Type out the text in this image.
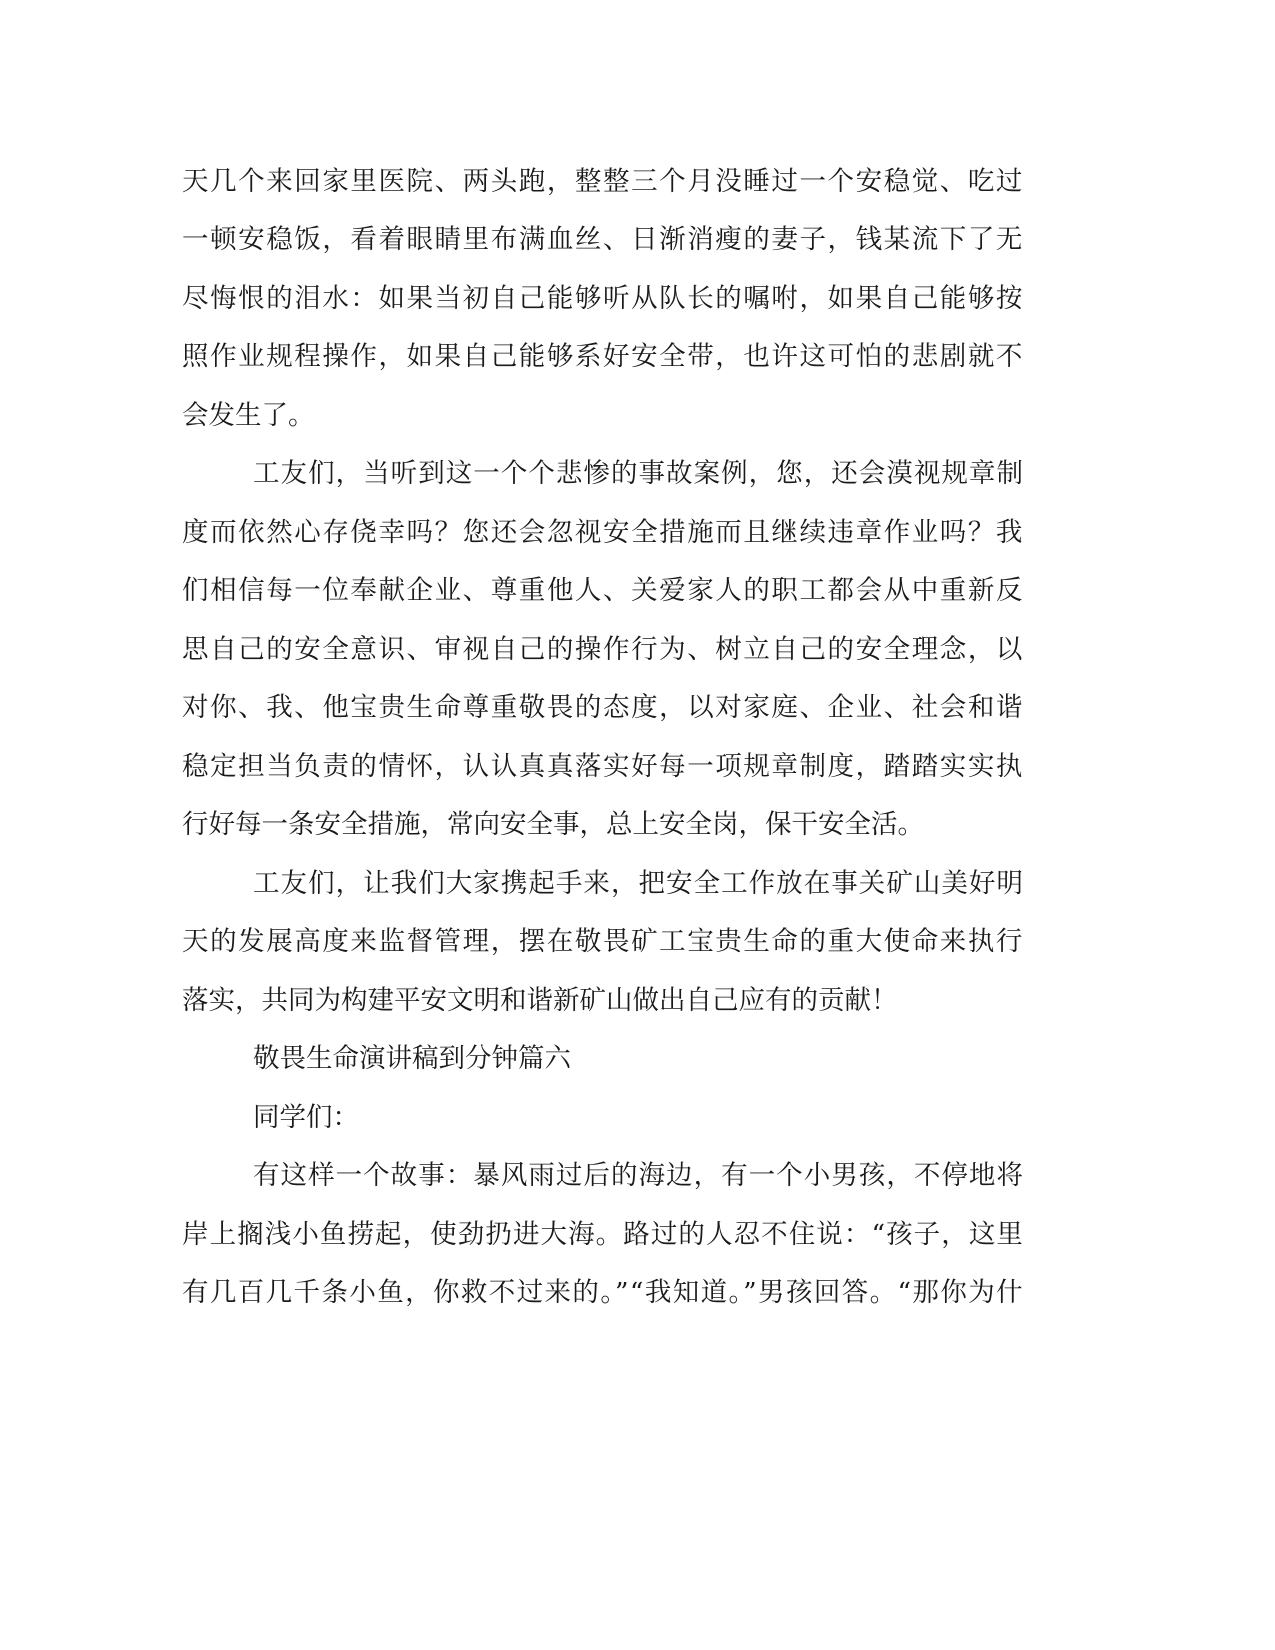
天几个来回家里医院、两头跑，整整三个月没睡过一个安稳觉、吃过

一顿安稳饭，看着眼睛里布满血丝、日渐消瘦的妻子，钱某流下了无

尽悔恨的泪水：如果当初自己能够听从队长的嘱咐，如果自己能够按

照作业规程操作，如果自己能够系好安全带，也许这可怕的悲剧就不

会发生了。

工友们，当听到这一个个悲惨的事故案例，您，还会漠视规章制

度而依然心存侥幸吗？您还会忽视安全措施而且继续违章作业吗？我

们相信每一位奉献企业、尊重他人、关爱家人的职工都会从中重新反

思自己的安全意识、审视自己的操作行为、树立自己的安全理念，以

对你、我、他宝贵生命尊重敬畏的态度，以对家庭、企业、社会和谐

稳定担当负责的情怀，认认真真落实好每一项规章制度，踏踏实实执

行好每一条安全措施，常向安全事，总上安全岗，保干安全活。

工友们，让我们大家携起手来，把安全工作放在事关矿山美好明

天的发展高度来监督管理，摆在敬畏矿工宝贵生命的重大使命来执行

落实，共同为构建平安文明和谐新矿山做出自己应有的贡献！

敬畏生命演讲稿到分钟篇六

同学们：

有这样一个故事：暴风雨过后的海边，有一个小男孩，不停地将

岸上搁浅小鱼捞起，使劲扔进大海。路过的人忍不住说：“孩子，这里

有几百几千条小鱼，你救不过来的。”“我知道。”男孩回答。“那你为什
